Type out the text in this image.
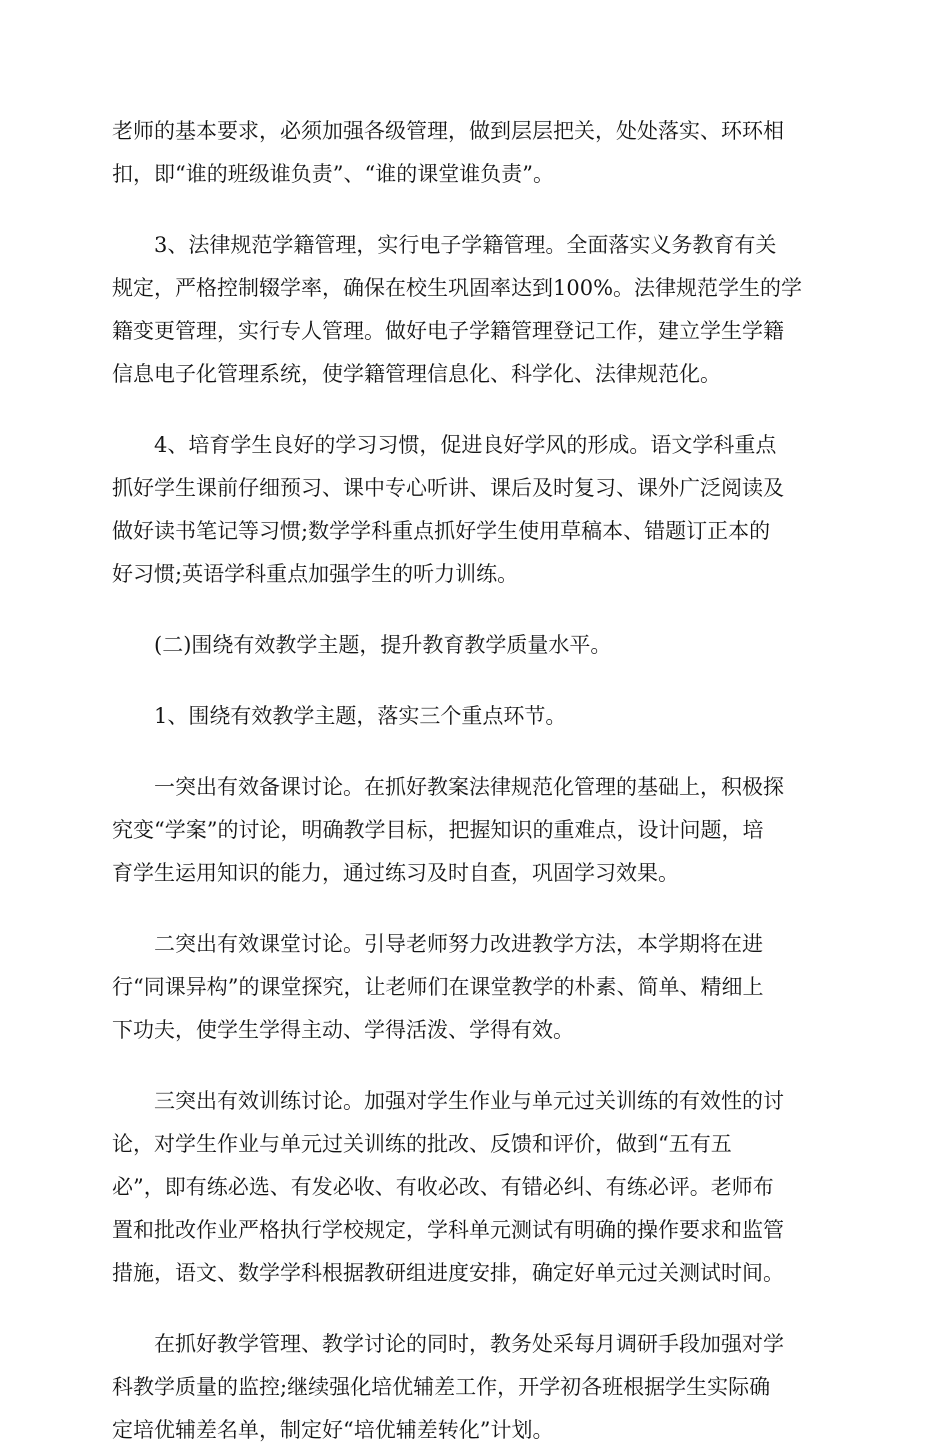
老师的基本要求，必须加强各级管理，做到层层把关，处处落实、环环相
扣，即“谁的班级谁负责”、“谁的课堂谁负责”。

　　3、法律规范学籍管理，实行电子学籍管理。全面落实义务教育有关
规定，严格控制辍学率，确保在校生巩固率达到100%。法律规范学生的学
籍变更管理，实行专人管理。做好电子学籍管理登记工作，建立学生学籍
信息电子化管理系统，使学籍管理信息化、科学化、法律规范化。

　　4、培育学生良好的学习习惯，促进良好学风的形成。语文学科重点
抓好学生课前仔细预习、课中专心听讲、课后及时复习、课外广泛阅读及
做好读书笔记等习惯;数学学科重点抓好学生使用草稿本、错题订正本的
好习惯;英语学科重点加强学生的听力训练。

　　(二)围绕有效教学主题，提升教育教学质量水平。

　　1、围绕有效教学主题，落实三个重点环节。

　　一突出有效备课讨论。在抓好教案法律规范化管理的基础上，积极探
究变“学案”的讨论，明确教学目标，把握知识的重难点，设计问题，培
育学生运用知识的能力，通过练习及时自查，巩固学习效果。

　　二突出有效课堂讨论。引导老师努力改进教学方法，本学期将在进
行“同课异构”的课堂探究，让老师们在课堂教学的朴素、简单、精细上
下功夫，使学生学得主动、学得活泼、学得有效。

　　三突出有效训练讨论。加强对学生作业与单元过关训练的有效性的讨
论，对学生作业与单元过关训练的批改、反馈和评价，做到“五有五
必”，即有练必选、有发必收、有收必改、有错必纠、有练必评。老师布
置和批改作业严格执行学校规定，学科单元测试有明确的操作要求和监管
措施，语文、数学学科根据教研组进度安排，确定好单元过关测试时间。

　　在抓好教学管理、教学讨论的同时，教务处采每月调研手段加强对学
科教学质量的监控;继续强化培优辅差工作，开学初各班根据学生实际确
定培优辅差名单，制定好“培优辅差转化”计划。
